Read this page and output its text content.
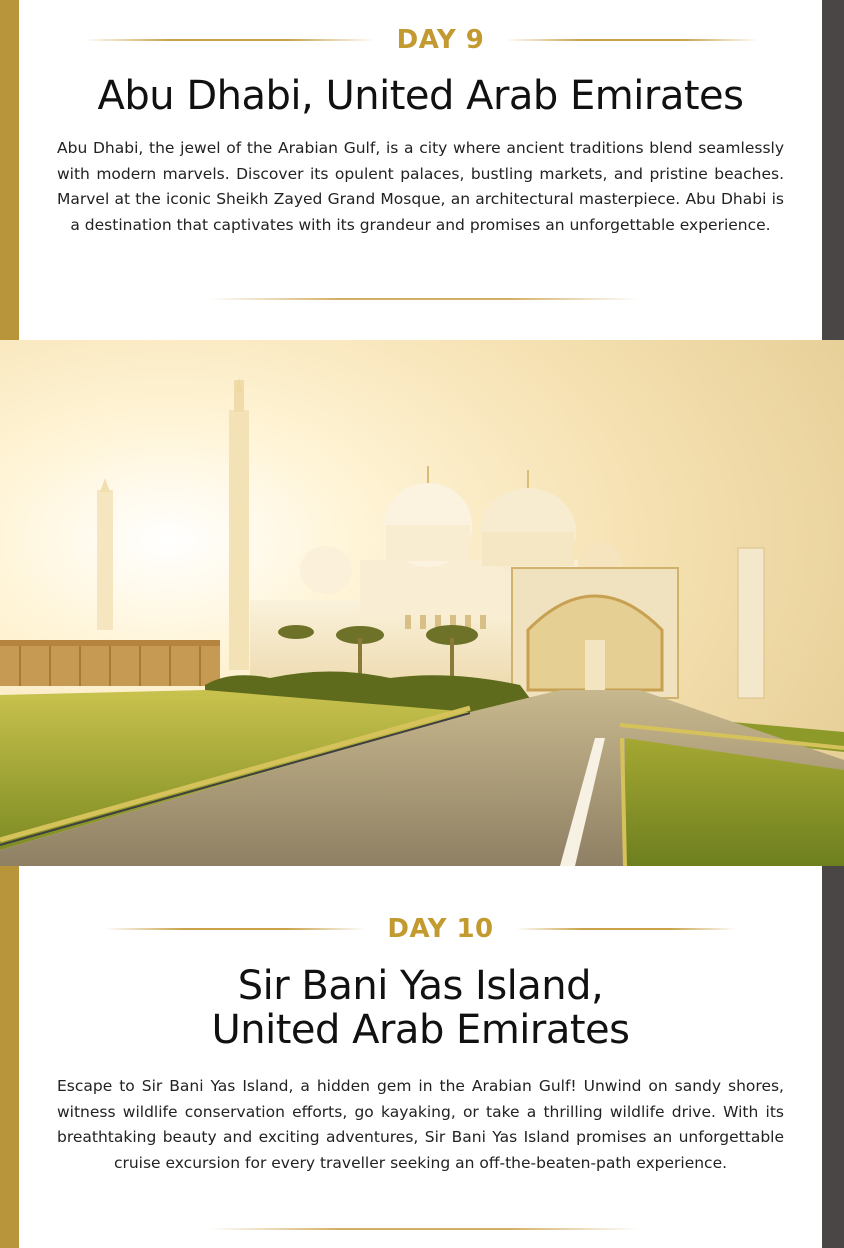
DAY 9
Abu Dhabi, United Arab Emirates

Abu Dhabi, the jewel of the Arabian Gulf, is a city where ancient traditions blend seamlessly with modern marvels. Discover its opulent palaces, bustling markets, and pristine beaches. Marvel at the iconic Sheikh Zayed Grand Mosque, an architectural masterpiece. Abu Dhabi is a destination that captivates with its grandeur and promises an unforgettable experience.

DAY 10
Sir Bani Yas Island,
United Arab Emirates

Escape to Sir Bani Yas Island, a hidden gem in the Arabian Gulf! Unwind on sandy shores, witness wildlife conservation efforts, go kayaking, or take a thrilling wildlife drive. With its breathtaking beauty and exciting adventures, Sir Bani Yas Island promises an unforgettable cruise excursion for every traveller seeking an off-the-beaten-path experience.
